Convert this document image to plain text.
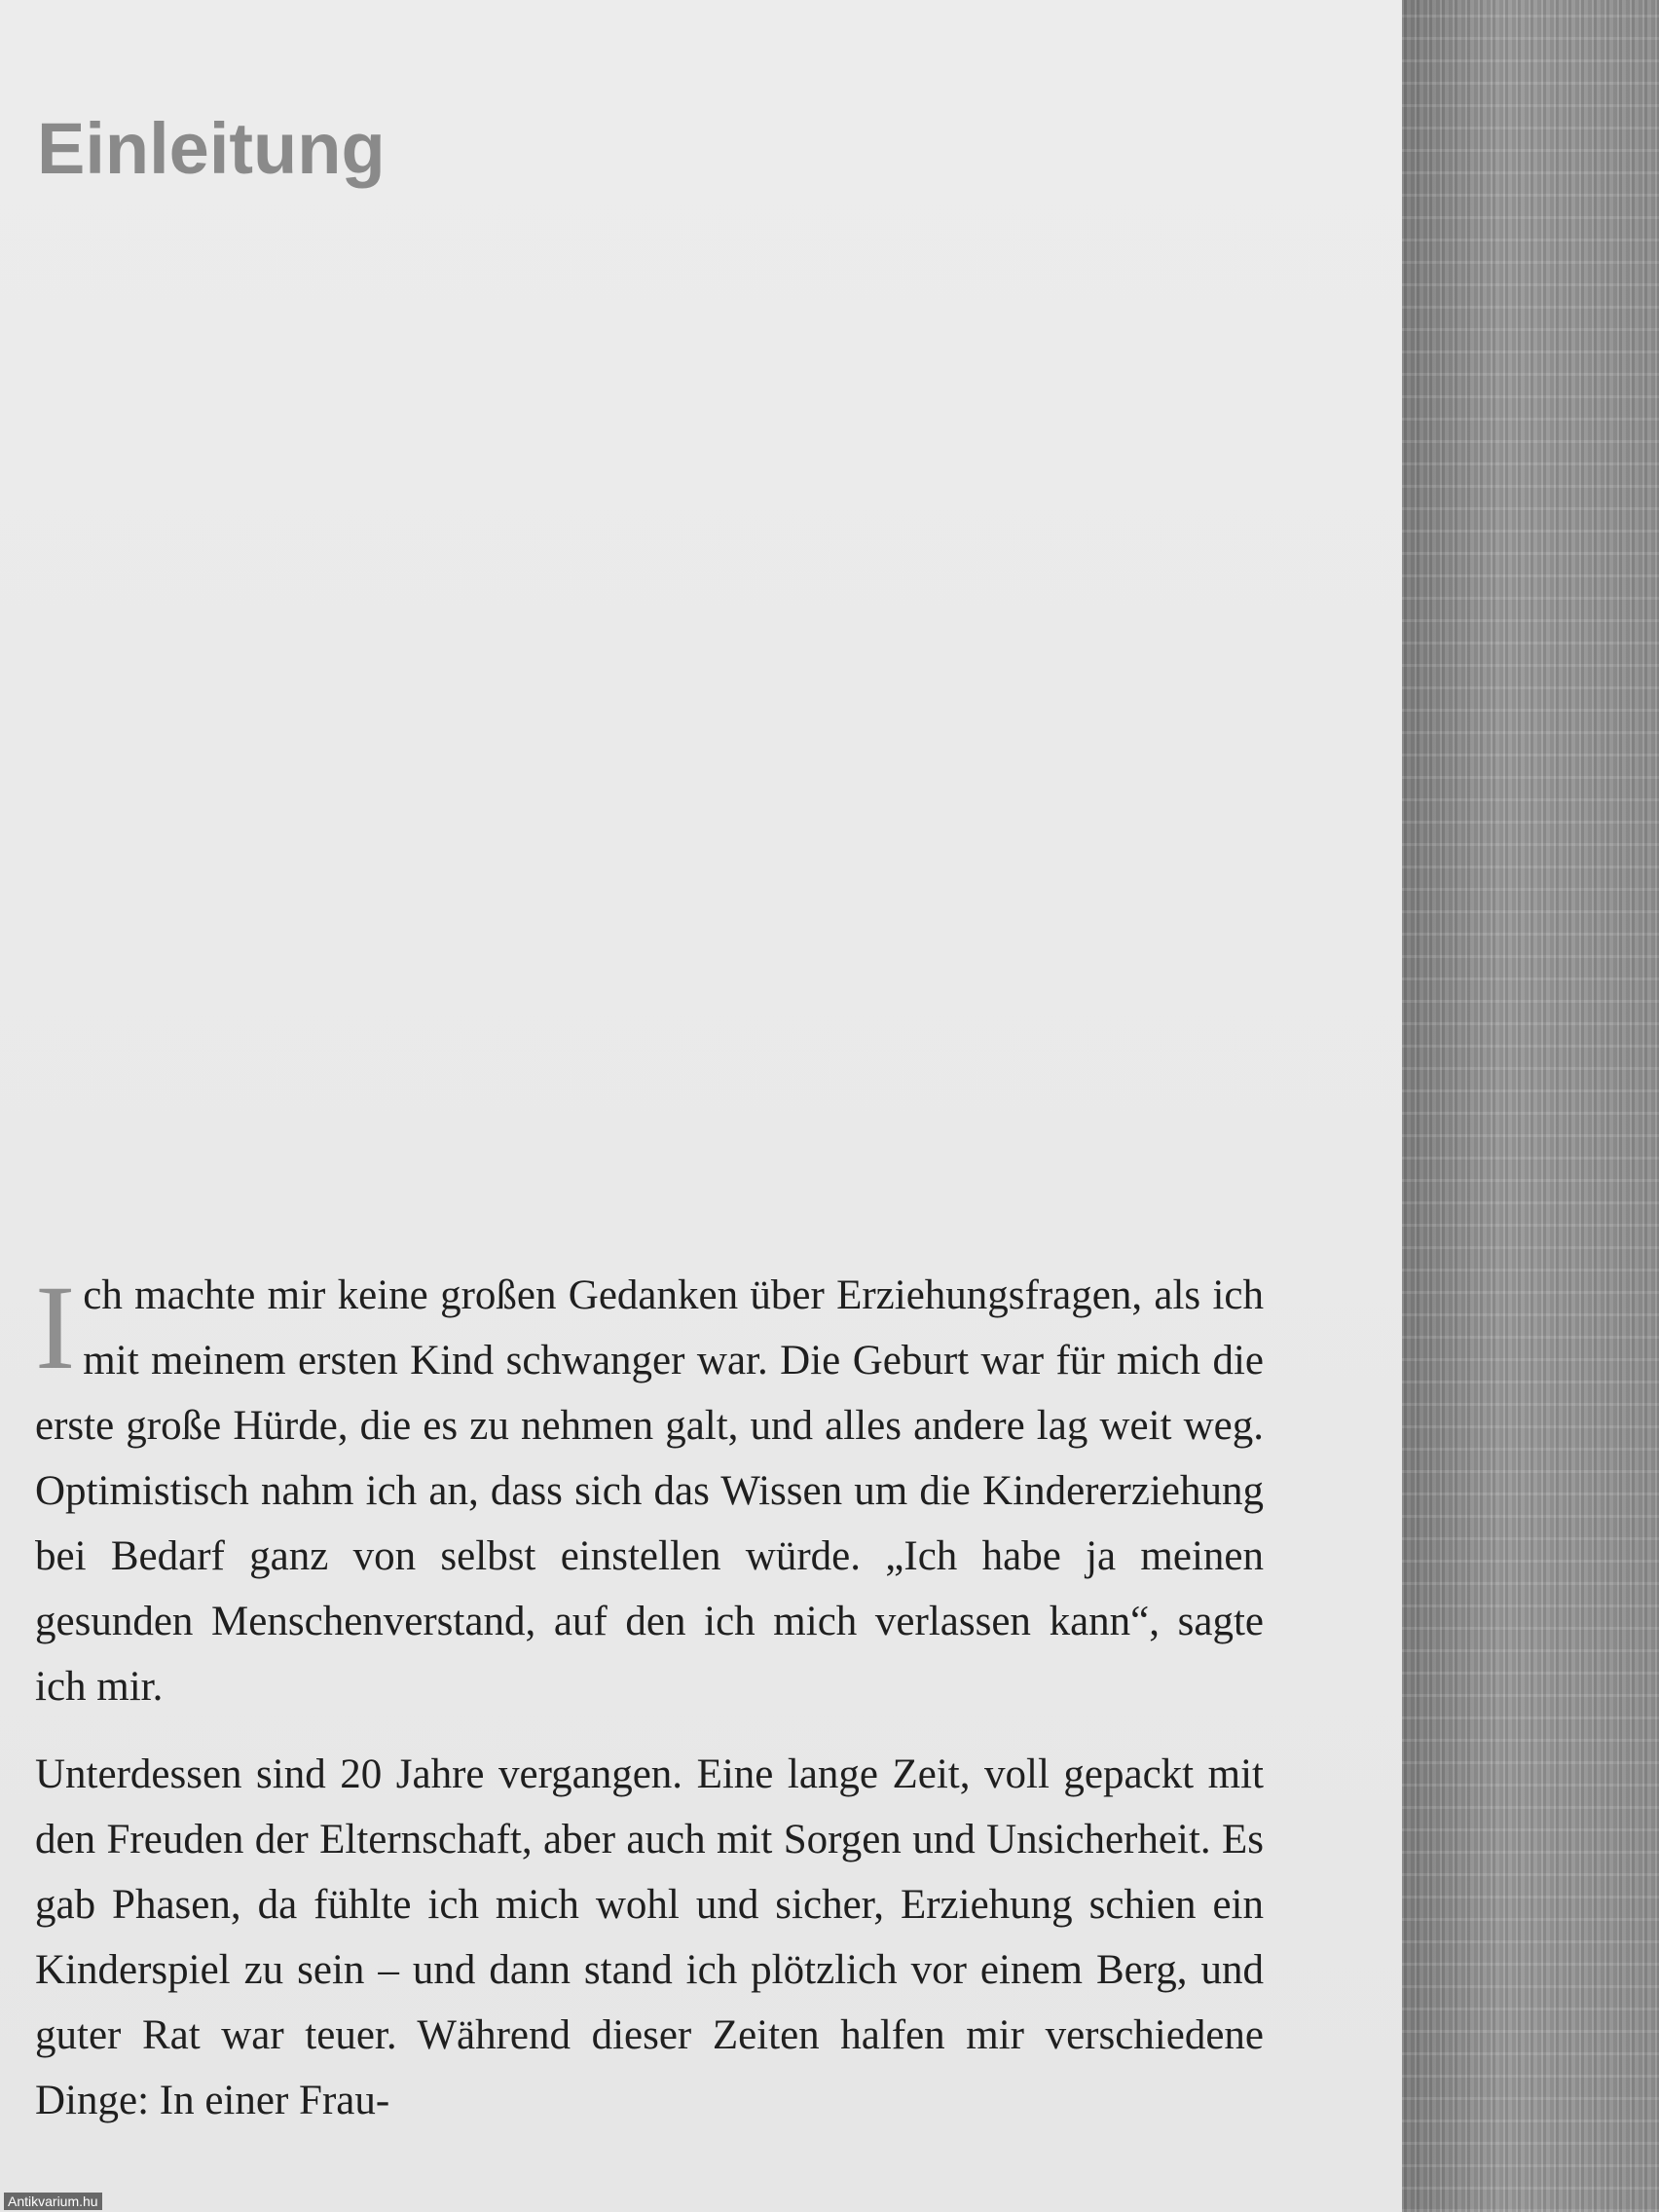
Einleitung

Ich machte mir keine großen Gedanken über Erziehungsfragen, als ich mit meinem ersten Kind schwanger war. Die Geburt war für mich die erste große Hürde, die es zu nehmen galt, und alles andere lag weit weg. Optimistisch nahm ich an, dass sich das Wissen um die Kindererziehung bei Bedarf ganz von selbst einstellen würde. „Ich habe ja meinen gesunden Menschenverstand, auf den ich mich verlassen kann“, sagte ich mir.

Unterdessen sind 20 Jahre vergangen. Eine lange Zeit, voll gepackt mit den Freuden der Elternschaft, aber auch mit Sorgen und Unsicherheit. Es gab Phasen, da fühlte ich mich wohl und sicher, Erziehung schien ein Kinderspiel zu sein – und dann stand ich plötzlich vor einem Berg, und guter Rat war teuer. Während dieser Zeiten halfen mir verschiedene Dinge: In einer Frau-

Antikvarium.hu
